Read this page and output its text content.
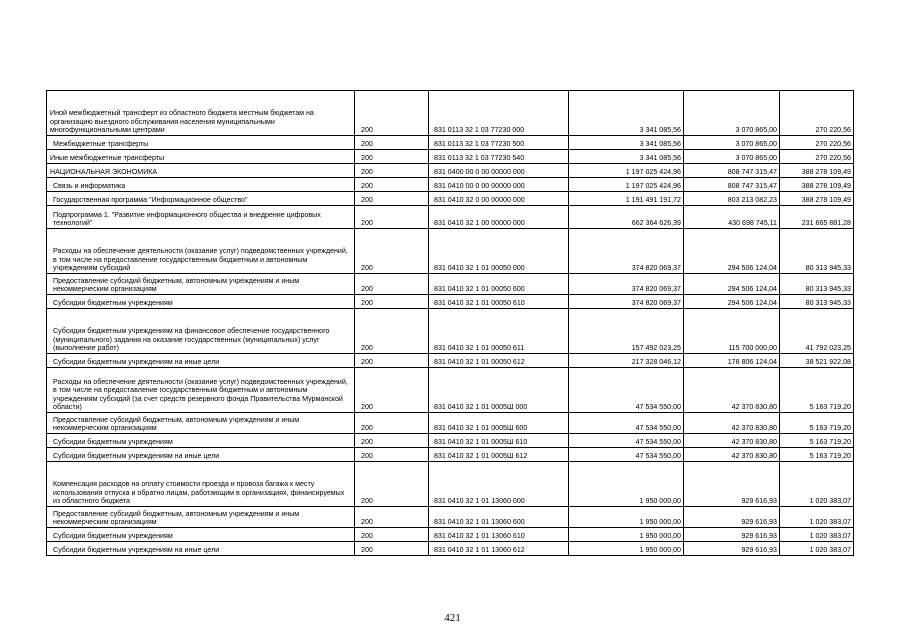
Иной межбюджетный трансферт из областного бюджета местным бюджетам на организацию выездного обслуживания населения муниципальными многофункциональными центрами	200	831 0113 32 1 03 77230 000	3 341 085,56	3 070 865,00	270 220,56
Межбюджетные трансферты	200	831 0113 32 1 03 77230 500	3 341 085,56	3 070 865,00	270 220,56
Иные межбюджетные трансферты	200	831 0113 32 1 03 77230 540	3 341 085,56	3 070 865,00	270 220,56
НАЦИОНАЛЬНАЯ ЭКОНОМИКА	200	831 0400 00 0 00 00000 000	1 197 025 424,96	808 747 315,47	388 278 109,49
Связь и информатика	200	831 0410 00 0 00 00000 000	1 197 025 424,96	808 747 315,47	388 278 109,49
Государственная программа "Информационное общество"	200	831 0410 32 0 00 00000 000	1 191 491 191,72	803 213 082,23	388 278 109,49
Подпрограмма 1. "Развитие информационного общества и внедрение цифровых технологий"	200	831 0410 32 1 00 00000 000	662 364 626,39	430 698 745,11	231 665 881,28
Расходы на обеспечение деятельности (оказание услуг) подведомственных учреждений, в том числе на предоставление государственным бюджетным и автономным учреждениям субсидий	200	831 0410 32 1 01 00050 000	374 820 069,37	294 506 124,04	80 313 945,33
Предоставление субсидий бюджетным, автономным учреждениям и иным некоммерческим организациям	200	831 0410 32 1 01 00050 600	374 820 069,37	294 506 124,04	80 313 945,33
Субсидии бюджетным учреждениям	200	831 0410 32 1 01 00050 610	374 820 069,37	294 506 124,04	80 313 945,33
Субсидии бюджетным учреждениям на финансовое обеспечение государственного (муниципального) задания на оказание государственных (муниципальных) услуг (выполнение работ)	200	831 0410 32 1 01 00050 611	157 492 023,25	115 700 000,00	41 792 023,25
Субсидии бюджетным учреждениям на иные цели	200	831 0410 32 1 01 00050 612	217 328 046,12	178 806 124,04	38 521 922,08
Расходы на обеспечение деятельности (оказание услуг) подведомственных учреждений, в том числе на предоставление государственным бюджетным и автономным учреждениям субсидий (за счет средств резервного фонда Правительства Мурманской области)	200	831 0410 32 1 01 0005Ш 000	47 534 550,00	42 370 830,80	5 163 719,20
Предоставление субсидий бюджетным, автономным учреждениям и иным некоммерческим организациям	200	831 0410 32 1 01 0005Ш 600	47 534 550,00	42 370 830,80	5 163 719,20
Субсидии бюджетным учреждениям	200	831 0410 32 1 01 0005Ш 610	47 534 550,00	42 370 830,80	5 163 719,20
Субсидии бюджетным учреждениям на иные цели	200	831 0410 32 1 01 0005Ш 612	47 534 550,00	42 370 830,80	5 163 719,20
Компенсация расходов на оплату стоимости проезда и провоза багажа к месту использования отпуска и обратно лицам, работающим в организациях, финансируемых из областного бюджета	200	831 0410 32 1 01 13060 000	1 950 000,00	929 616,93	1 020 383,07
Предоставление субсидий бюджетным, автономным учреждениям и иным некоммерческим организациям	200	831 0410 32 1 01 13060 600	1 950 000,00	929 616,93	1 020 383,07
Субсидии бюджетным учреждениям	200	831 0410 32 1 01 13060 610	1 950 000,00	929 616,93	1 020 383,07
Субсидии бюджетным учреждениям на иные цели	200	831 0410 32 1 01 13060 612	1 950 000,00	929 616,93	1 020 383,07
421
